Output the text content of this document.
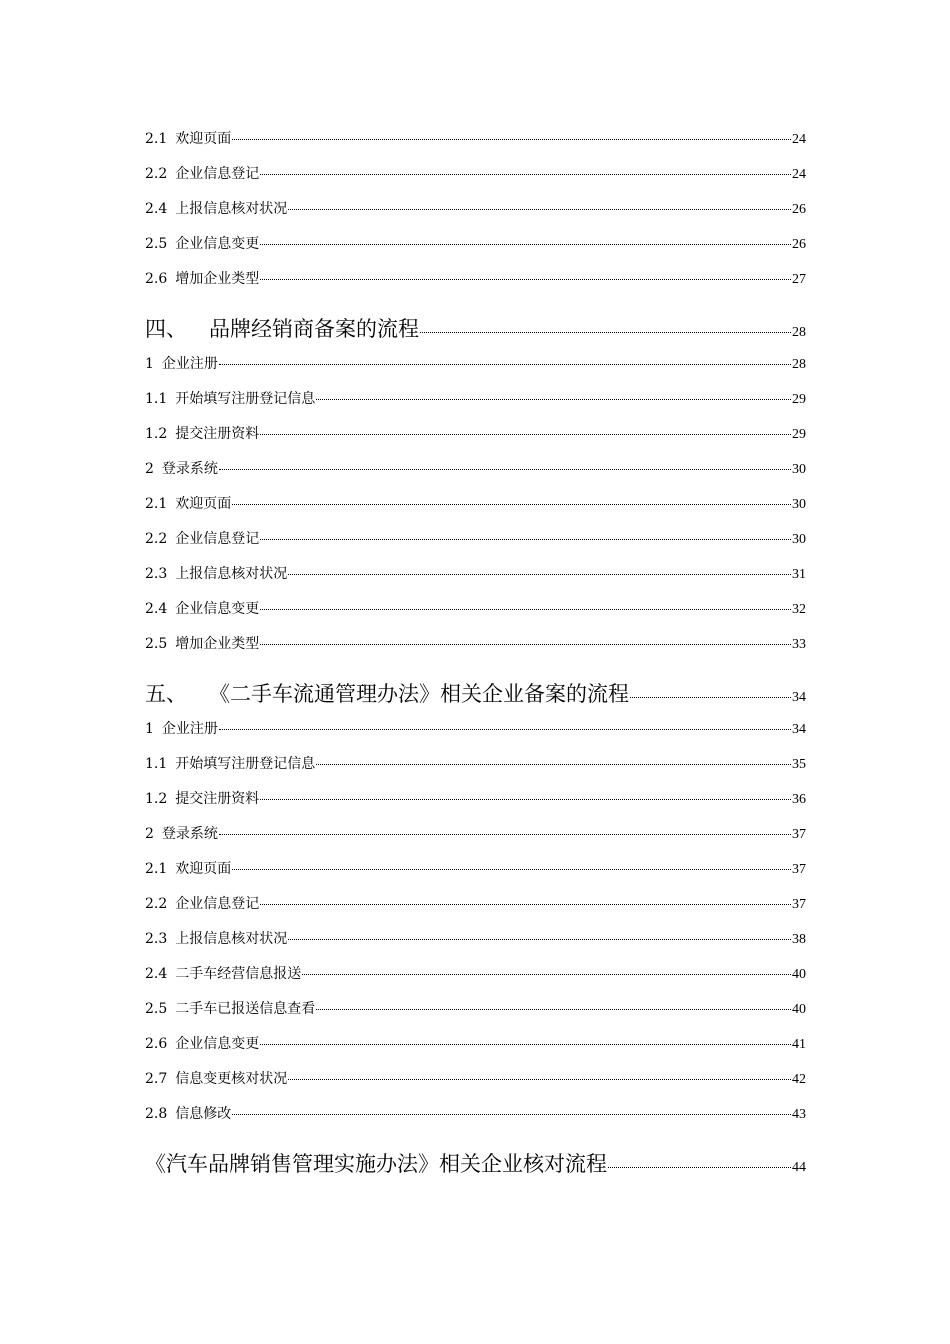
2.1 欢迎页面	24
2.2 企业信息登记	24
2.4 上报信息核对状况	26
2.5 企业信息变更	26
2.6 增加企业类型	27
四、 品牌经销商备案的流程	28
1 企业注册	28
1.1 开始填写注册登记信息	29
1.2 提交注册资料	29
2 登录系统	30
2.1 欢迎页面	30
2.2 企业信息登记	30
2.3 上报信息核对状况	31
2.4 企业信息变更	32
2.5 增加企业类型	33
五、 《二手车流通管理办法》相关企业备案的流程	34
1 企业注册	34
1.1 开始填写注册登记信息	35
1.2 提交注册资料	36
2 登录系统	37
2.1 欢迎页面	37
2.2 企业信息登记	37
2.3 上报信息核对状况	38
2.4 二手车经营信息报送	40
2.5 二手车已报送信息查看	40
2.6 企业信息变更	41
2.7 信息变更核对状况	42
2.8 信息修改	43
《汽车品牌销售管理实施办法》相关企业核对流程	44
